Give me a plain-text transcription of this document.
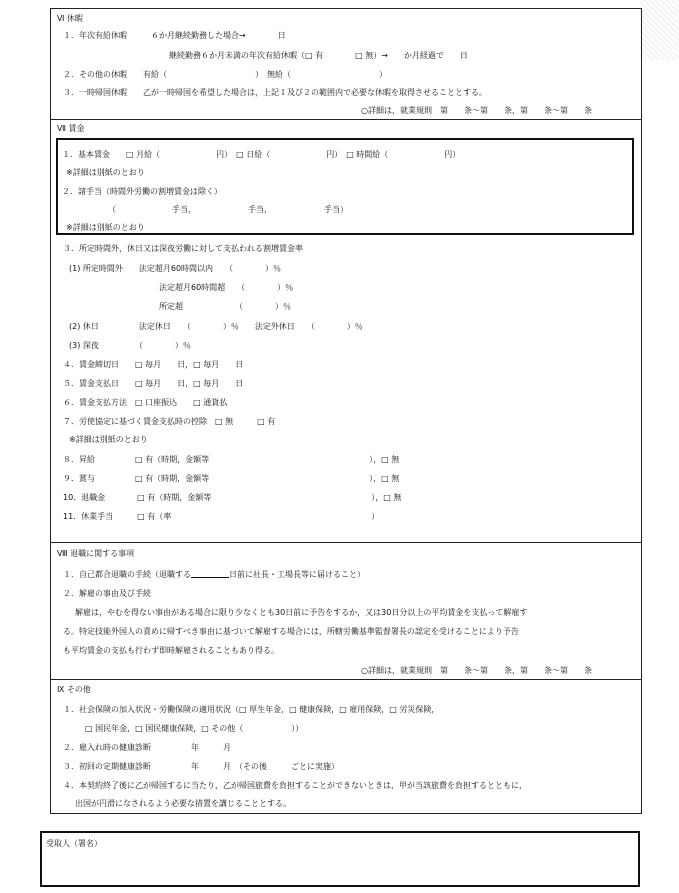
Ⅵ 休暇
１．年次有給休暇　　　６か月継続勤務した場合→　　　　日
継続勤務６か月未満の年次有給休暇（□ 有　　　　□ 無）→　　か月経過で　　日
２．その他の休暇　　有給（　　　　　　　　　　　）　無給（　　　　　　　　　　　）
３．一時帰国休暇　　乙が一時帰国を希望した場合は，上記１及び２の範囲内で必要な休暇を取得させることとする。
○詳細は，就業規則　第　　条～第　　条，第　　条～第　　条
Ⅶ 賃金
３．所定時間外，休日又は深夜労働に対して支払われる割増賃金率
(1) 所定時間外　　法定超月60時間以内　　（　　　　）％
法定超月60時間超　　（　　　　）％
所定超　　　　　　　（　　　　）％
(2) 休日　　　　　法定休日　　（　　　　）％　　法定外休日　　（　　　　）％
(3) 深夜　　　　　（　　　　）％
４．賃金締切日　　□ 毎月　　日，□ 毎月　　日
５．賃金支払日　　□ 毎月　　日，□ 毎月　　日
６．賃金支払方法　□ 口座振込　　□ 通貨払
７．労使協定に基づく賃金支払時の控除　□ 無　　　□ 有
※詳細は別紙のとおり
８．昇給　　　　　□ 有（時期，金額等　　　　　　　　　　　　　　　　　　　　），□ 無
９．賞与　　　　　□ 有（時期，金額等　　　　　　　　　　　　　　　　　　　　），□ 無
10．退職金　　　　□ 有（時期，金額等　　　　　　　　　　　　　　　　　　　　），□ 無
11．休業手当　　　□ 有（率　　　　　　　　　　　　　　　　　　　　　　　　　）
Ⅷ 退職に関する事項
１．自己都合退職の手続（退職する	日前に社長・工場長等に届けること）
２．解雇の事由及び手続
解雇は，やむを得ない事由がある場合に限り少なくとも30日前に予告をするか，又は30日分以上の平均賃金を支払って解雇す
る。特定技能外国人の責めに帰すべき事由に基づいて解雇する場合には，所轄労働基準監督署長の認定を受けることにより予告
も平均賃金の支払も行わず即時解雇されることもあり得る。
○詳細は，就業規則　第　　条～第　　条，第　　条～第　　条
Ⅸ その他
１．社会保険の加入状況・労働保険の適用状況（□ 厚生年金，□ 健康保険，□ 雇用保険，□ 労災保険，
□ 国民年金，□ 国民健康保険，□ その他（　　　　　　））
２．雇入れ時の健康診断　　　　　年　　　月
３．初回の定期健康診断　　　　　年　　　月　（その後　　　ごとに実施）
４．本契約終了後に乙が帰国するに当たり，乙が帰国旅費を負担することができないときは，甲が当該旅費を負担するとともに，
出国が円滑になされるよう必要な措置を講じることとする。
１．基本賃金　　□ 月給（　　　　　　　円）　□ 日給（　　　　　　　円）　□ 時間給（　　　　　　　円）
※詳細は別紙のとおり
２．諸手当（時間外労働の割増賃金は除く）
（　　　　　　　手当，　　　　　　　手当，　　　　　　　手当）
※詳細は別紙のとおり
受取人（署名）
